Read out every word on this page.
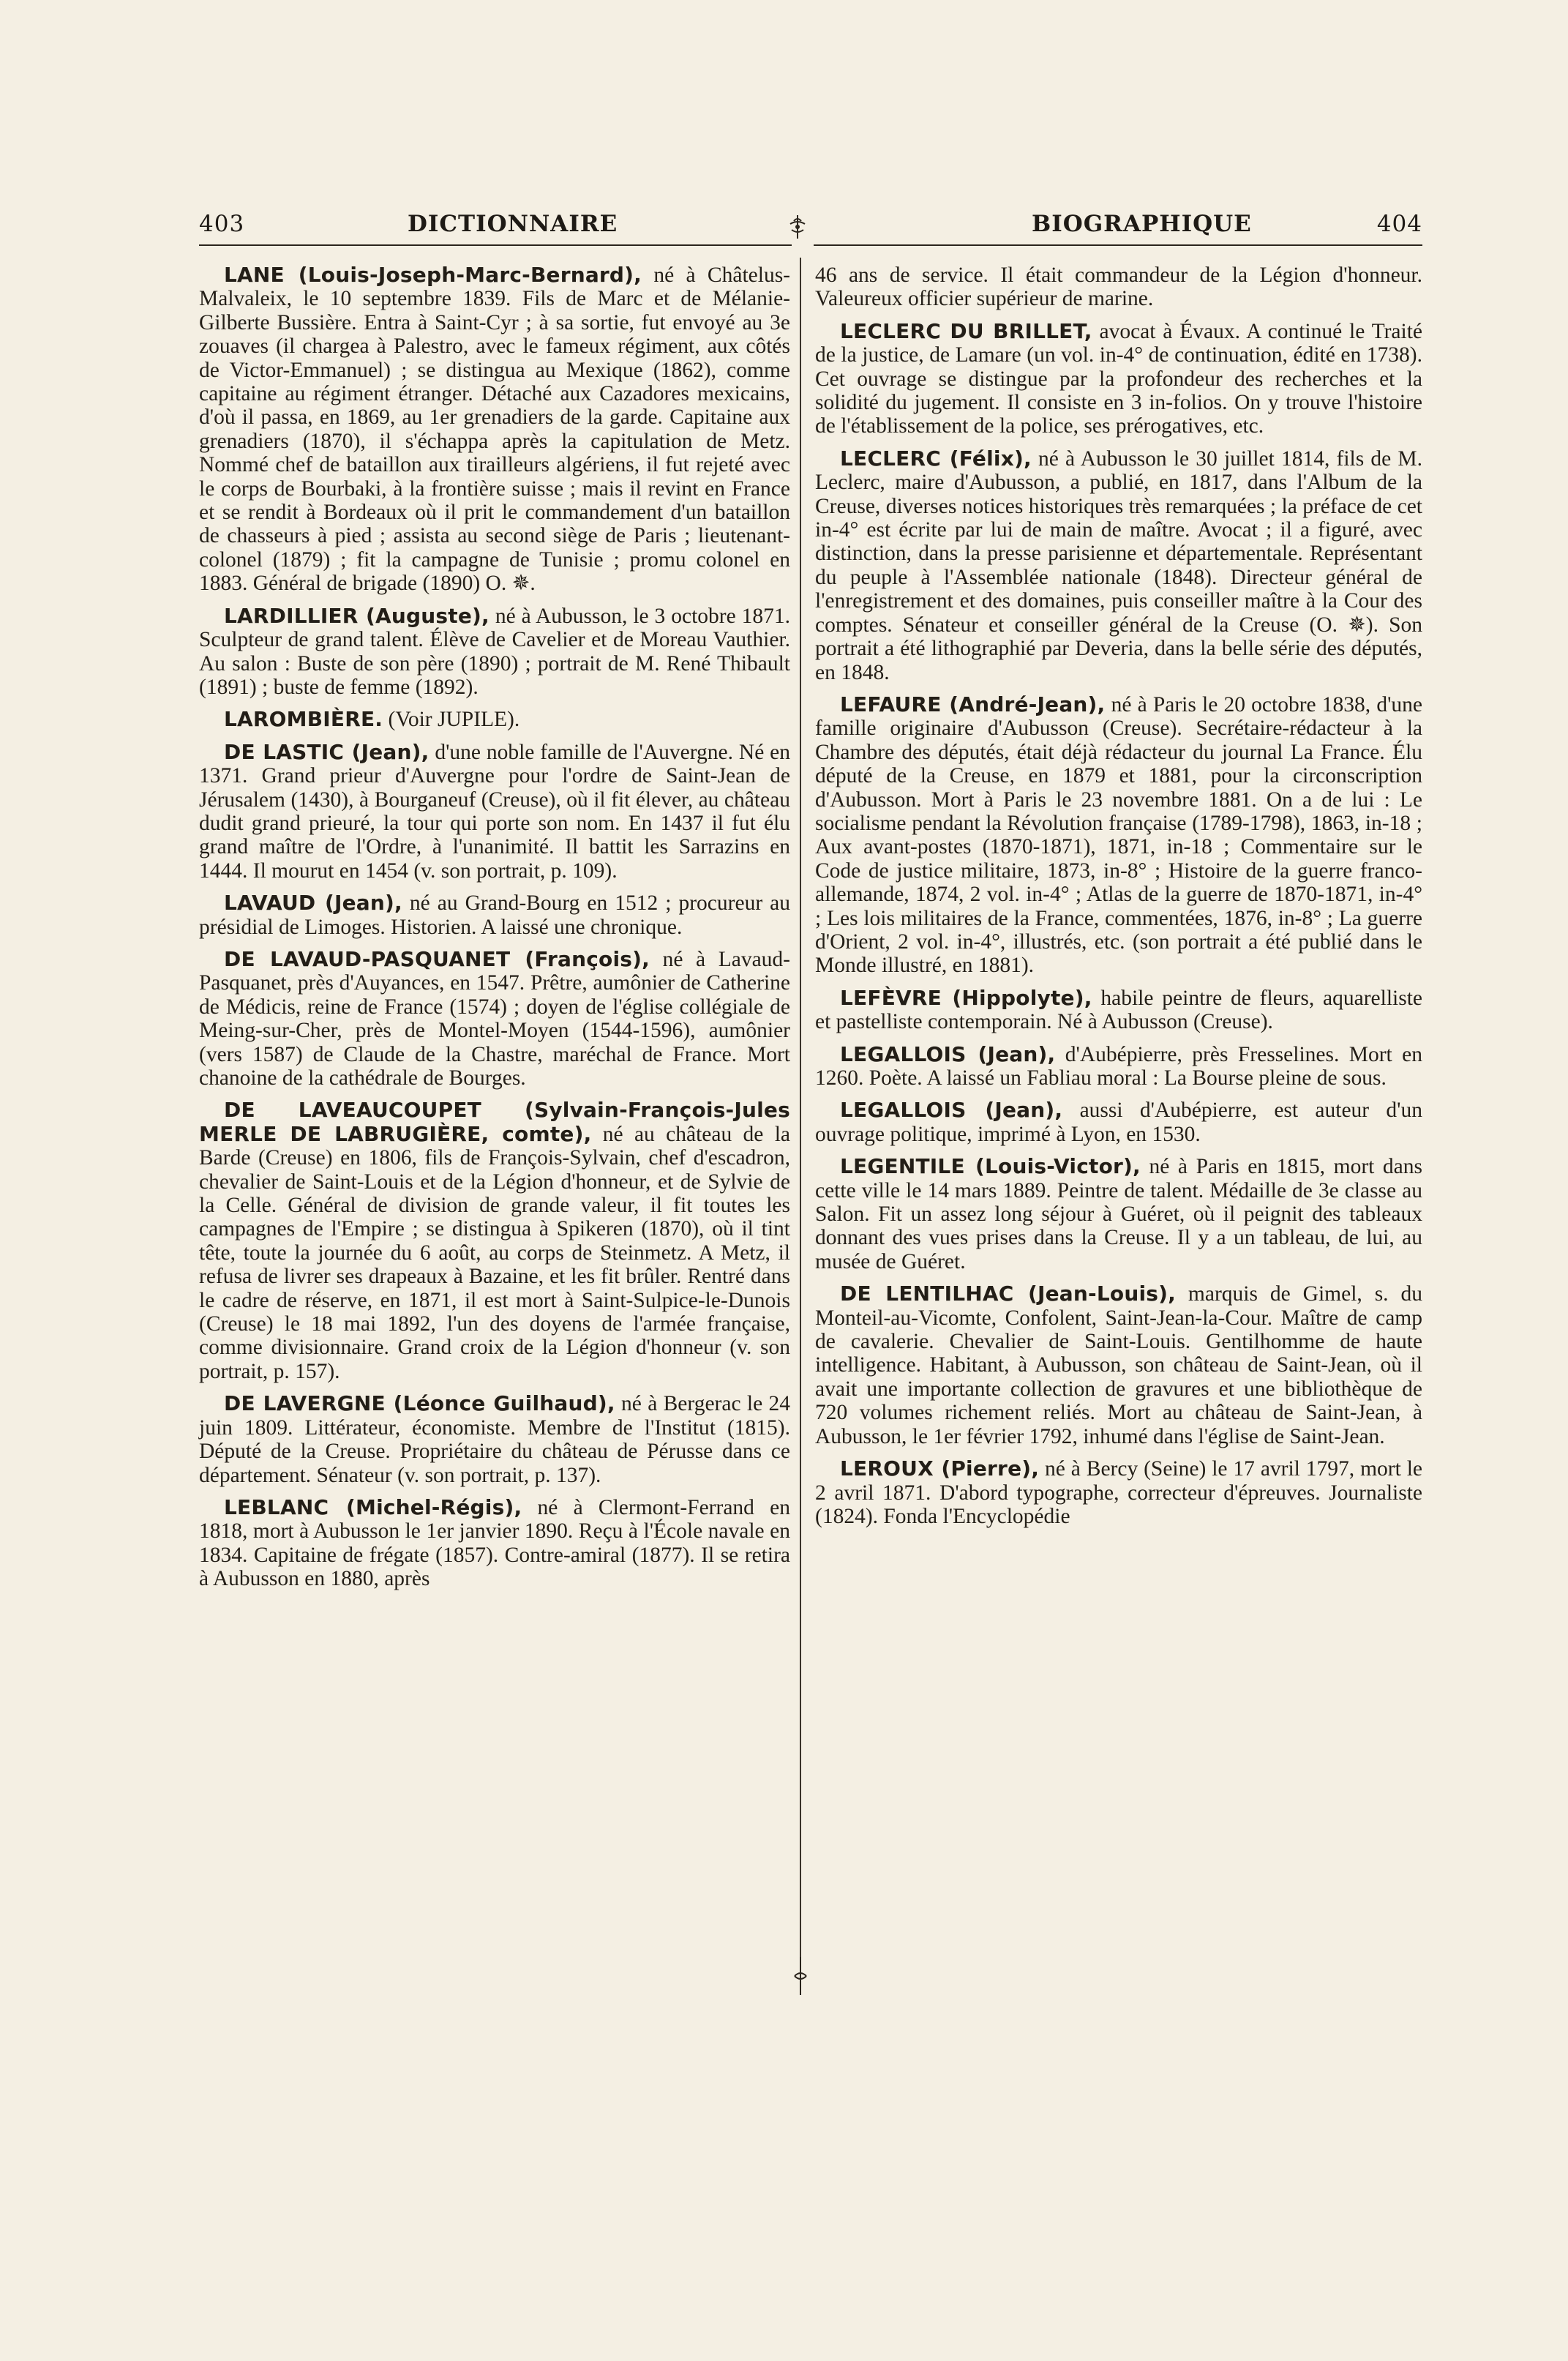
403	DICTIONNAIRE	BIOGRAPHIQUE	404

LANE (Louis-Joseph-Marc-Bernard), né à Châtelus-Malvaleix, le 10 septembre 1839. Fils de Marc et de Mélanie-Gilberte Bussière. Entra à Saint-Cyr ; à sa sortie, fut envoyé au 3e zouaves (il chargea à Palestro, avec le fameux régiment, aux côtés de Victor-Emmanuel) ; se distingua au Mexique (1862), comme capitaine au régiment étranger. Détaché aux Cazadores mexicains, d'où il passa, en 1869, au 1er grenadiers de la garde. Capitaine aux grenadiers (1870), il s'échappa après la capitulation de Metz. Nommé chef de bataillon aux tirailleurs algériens, il fut rejeté avec le corps de Bourbaki, à la frontière suisse ; mais il revint en France et se rendit à Bordeaux où il prit le commandement d'un bataillon de chasseurs à pied ; assista au second siège de Paris ; lieutenant-colonel (1879) ; fit la campagne de Tunisie ; promu colonel en 1883. Général de brigade (1890) O. ✵.

LARDILLIER (Auguste), né à Aubusson, le 3 octobre 1871. Sculpteur de grand talent. Élève de Cavelier et de Moreau Vauthier. Au salon : Buste de son père (1890) ; portrait de M. René Thibault (1891) ; buste de femme (1892).

LAROMBIÈRE. (Voir JUPILE).

DE LASTIC (Jean), d'une noble famille de l'Auvergne. Né en 1371. Grand prieur d'Auvergne pour l'ordre de Saint-Jean de Jérusalem (1430), à Bourganeuf (Creuse), où il fit élever, au château dudit grand prieuré, la tour qui porte son nom. En 1437 il fut élu grand maître de l'Ordre, à l'unanimité. Il battit les Sarrazins en 1444. Il mourut en 1454 (v. son portrait, p. 109).

LAVAUD (Jean), né au Grand-Bourg en 1512 ; procureur au présidial de Limoges. Historien. A laissé une chronique.

DE LAVAUD-PASQUANET (François), né à Lavaud-Pasquanet, près d'Auyances, en 1547. Prêtre, aumônier de Catherine de Médicis, reine de France (1574) ; doyen de l'église collégiale de Meing-sur-Cher, près de Montel-Moyen (1544-1596), aumônier (vers 1587) de Claude de la Chastre, maréchal de France. Mort chanoine de la cathédrale de Bourges.

DE LAVEAUCOUPET (Sylvain-François-Jules MERLE DE LABRUGIÈRE, comte), né au château de la Barde (Creuse) en 1806, fils de François-Sylvain, chef d'escadron, chevalier de Saint-Louis et de la Légion d'honneur, et de Sylvie de la Celle. Général de division de grande valeur, il fit toutes les campagnes de l'Empire ; se distingua à Spikeren (1870), où il tint tête, toute la journée du 6 août, au corps de Steinmetz. A Metz, il refusa de livrer ses drapeaux à Bazaine, et les fit brûler. Rentré dans le cadre de réserve, en 1871, il est mort à Saint-Sulpice-le-Dunois (Creuse) le 18 mai 1892, l'un des doyens de l'armée française, comme divisionnaire. Grand croix de la Légion d'honneur (v. son portrait, p. 157).

DE LAVERGNE (Léonce Guilhaud), né à Bergerac le 24 juin 1809. Littérateur, économiste. Membre de l'Institut (1815). Député de la Creuse. Propriétaire du château de Pérusse dans ce département. Sénateur (v. son portrait, p. 137).

LEBLANC (Michel-Régis), né à Clermont-Ferrand en 1818, mort à Aubusson le 1er janvier 1890. Reçu à l'École navale en 1834. Capitaine de frégate (1857). Contre-amiral (1877). Il se retira à Aubusson en 1880, après

46 ans de service. Il était commandeur de la Légion d'honneur. Valeureux officier supérieur de marine.

LECLERC DU BRILLET, avocat à Évaux. A continué le Traité de la justice, de Lamare (un vol. in-4° de continuation, édité en 1738). Cet ouvrage se distingue par la profondeur des recherches et la solidité du jugement. Il consiste en 3 in-folios. On y trouve l'histoire de l'établissement de la police, ses prérogatives, etc.

LECLERC (Félix), né à Aubusson le 30 juillet 1814, fils de M. Leclerc, maire d'Aubusson, a publié, en 1817, dans l'Album de la Creuse, diverses notices historiques très remarquées ; la préface de cet in-4° est écrite par lui de main de maître. Avocat ; il a figuré, avec distinction, dans la presse parisienne et départementale. Représentant du peuple à l'Assemblée nationale (1848). Directeur général de l'enregistrement et des domaines, puis conseiller maître à la Cour des comptes. Sénateur et conseiller général de la Creuse (O. ✵). Son portrait a été lithographié par Deveria, dans la belle série des députés, en 1848.

LEFAURE (André-Jean), né à Paris le 20 octobre 1838, d'une famille originaire d'Aubusson (Creuse). Secrétaire-rédacteur à la Chambre des députés, était déjà rédacteur du journal La France. Élu député de la Creuse, en 1879 et 1881, pour la circonscription d'Aubusson. Mort à Paris le 23 novembre 1881. On a de lui : Le socialisme pendant la Révolution française (1789-1798), 1863, in-18 ; Aux avant-postes (1870-1871), 1871, in-18 ; Commentaire sur le Code de justice militaire, 1873, in-8° ; Histoire de la guerre franco-allemande, 1874, 2 vol. in-4° ; Atlas de la guerre de 1870-1871, in-4° ; Les lois militaires de la France, commentées, 1876, in-8° ; La guerre d'Orient, 2 vol. in-4°, illustrés, etc. (son portrait a été publié dans le Monde illustré, en 1881).

LEFÈVRE (Hippolyte), habile peintre de fleurs, aquarelliste et pastelliste contemporain. Né à Aubusson (Creuse).

LEGALLOIS (Jean), d'Aubépierre, près Fresselines. Mort en 1260. Poète. A laissé un Fabliau moral : La Bourse pleine de sous.

LEGALLOIS (Jean), aussi d'Aubépierre, est auteur d'un ouvrage politique, imprimé à Lyon, en 1530.

LEGENTILE (Louis-Victor), né à Paris en 1815, mort dans cette ville le 14 mars 1889. Peintre de talent. Médaille de 3e classe au Salon. Fit un assez long séjour à Guéret, où il peignit des tableaux donnant des vues prises dans la Creuse. Il y a un tableau, de lui, au musée de Guéret.

DE LENTILHAC (Jean-Louis), marquis de Gimel, s. du Monteil-au-Vicomte, Confolent, Saint-Jean-la-Cour. Maître de camp de cavalerie. Chevalier de Saint-Louis. Gentilhomme de haute intelligence. Habitant, à Aubusson, son château de Saint-Jean, où il avait une importante collection de gravures et une bibliothèque de 720 volumes richement reliés. Mort au château de Saint-Jean, à Aubusson, le 1er février 1792, inhumé dans l'église de Saint-Jean.

LEROUX (Pierre), né à Bercy (Seine) le 17 avril 1797, mort le 2 avril 1871. D'abord typographe, correcteur d'épreuves. Journaliste (1824). Fonda l'Encyclopédie
